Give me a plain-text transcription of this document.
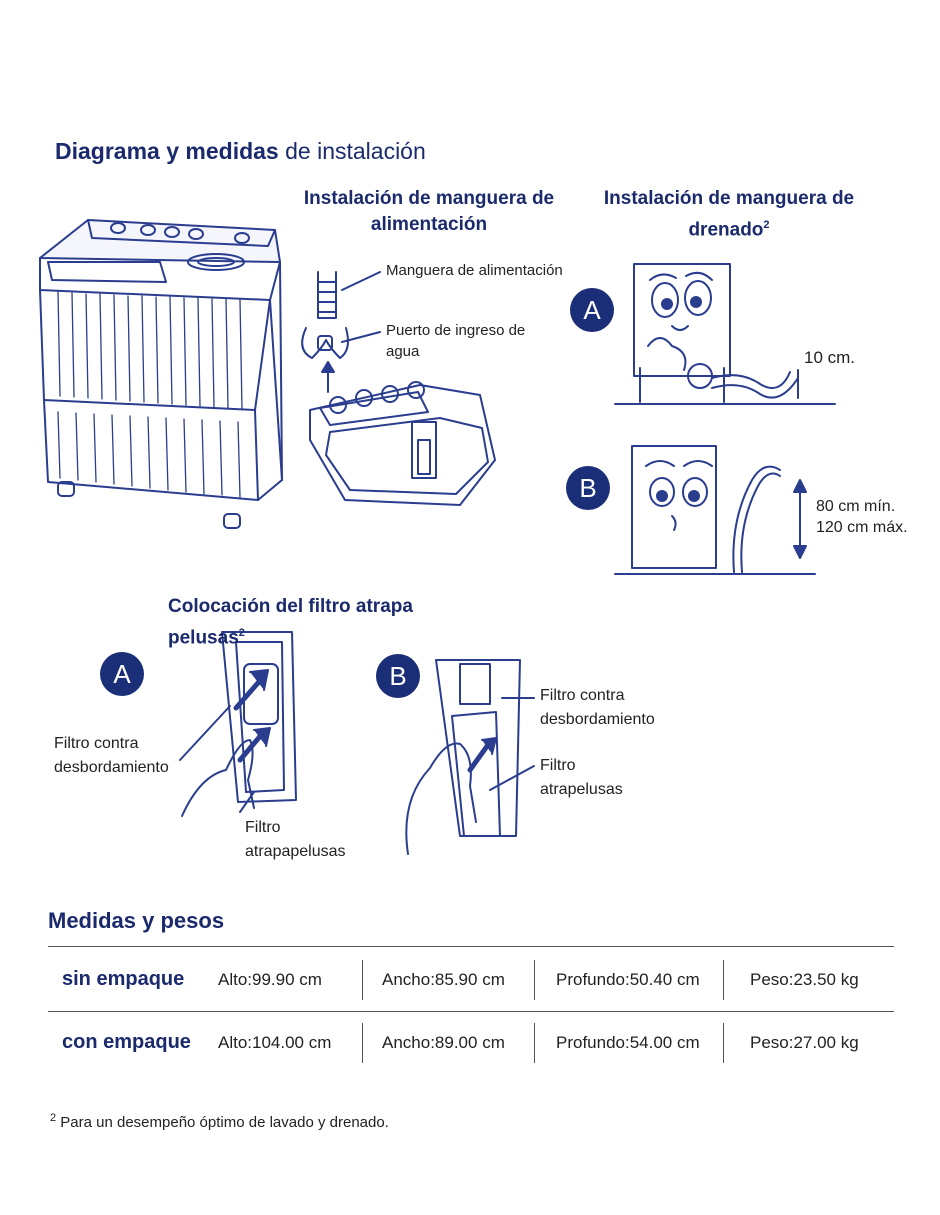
Diagrama y medidas de instalación
Instalación de manguera de
alimentación
Manguera de alimentación
Puerto de ingreso de
agua
Instalación de manguera de
drenado$^2$
A
10 cm.
B
80 cm mín.
120 cm máx.
Colocación del filtro atrapa pelusas$^2$
A
Filtro contra
desbordamiento
Filtro
atrapapelusas
B
Filtro contra
desbordamiento
Filtro
atrapelusas
Medidas y pesos
sin empaque Alto:99.90 cm	Ancho:85.90 cm	Profundo:50.40 cm	Peso:23.50 kg
con empaque Alto:104.00 cm	Ancho:89.00 cm	Profundo:54.00 cm	Peso:27.00 kg
$^2$ Para un desempeño óptimo de lavado y drenado.
